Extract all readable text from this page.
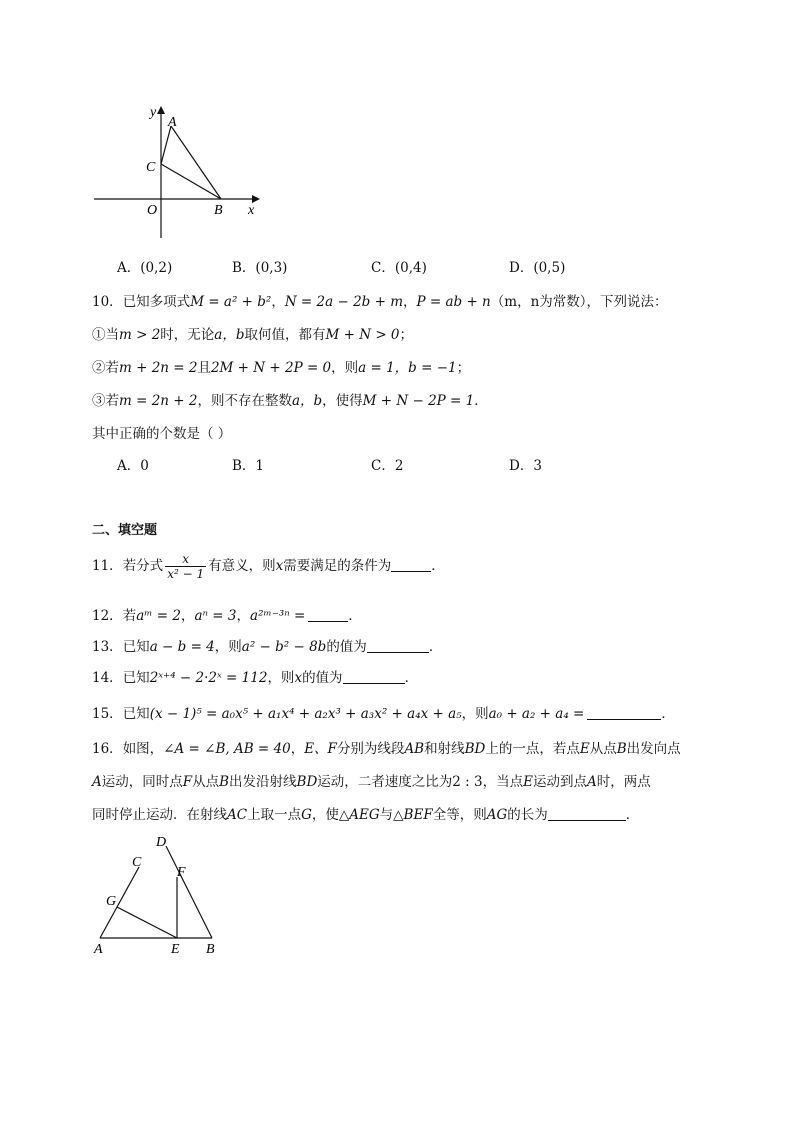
y
A
C
O	B x
A．(0,2)	B．(0,3)	C．(0,4)	D．(0,5)
10．已知多项式M = a² + b²，N = 2a − 2b + m，P = ab + n（m，n为常数），下列说法：
①当m > 2时，无论a，b取何值，都有M + N > 0；
②若m + 2n = 2且2M + N + 2P = 0，则a = 1，b = −1；
③若m = 2n + 2，则不存在整数a，b，使得M + N − 2P = 1．
其中正确的个数是（ ）
A．0	B．1	C．2	D．3
二、填空题
11．若分式 $\frac{x}{\text{x² − 1}}$ 有意义，则x需要满足的条件为	．
12．若aᵐ = 2，aⁿ = 3，a²ᵐ⁻³ⁿ =	．
13．已知a − b = 4，则a² − b² − 8b的值为	．
14．已知2ˣ⁺⁴ − 2·2ˣ = 112，则x的值为	．
15．已知(x − 1)⁵ = a₀x⁵ + a₁x⁴ + a₂x³ + a₃x² + a₄x + a₅，则a₀ + a₂ + a₄ =	．
16．如图，∠A = ∠B, AB = 40，E、F分别为线段AB和射线BD上的一点，若点E从点B出发向点
A运动，同时点F从点B出发沿射线BD运动，二者速度之比为2 : 3，当点E运动到点A时，两点
同时停止运动．在射线AC上取一点G，使△AEG与△BEF全等，则AG的长为	．
D
C
F
G
A	E B
